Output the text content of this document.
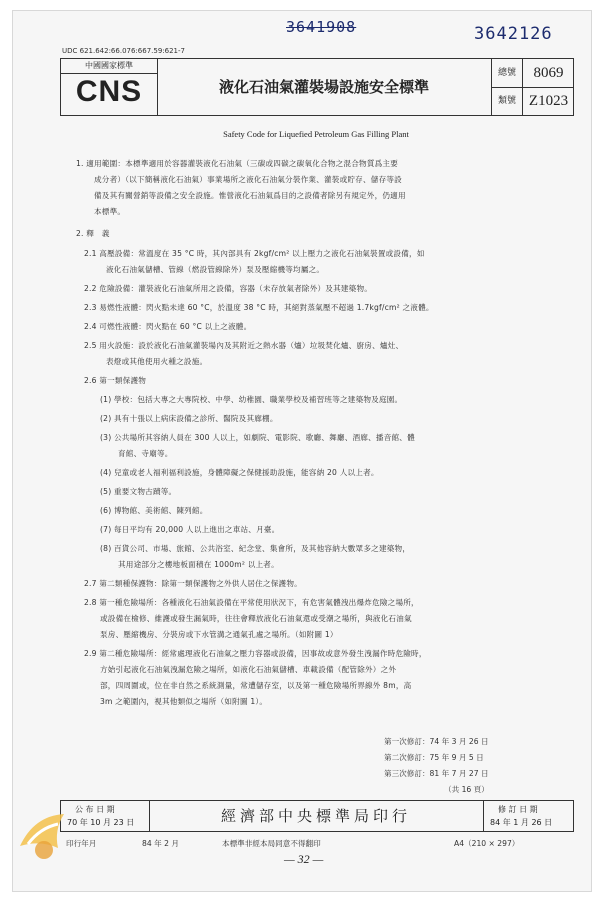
3641908	3642126
UDC 621.642:66.076:667.59:621-7
中國國家標準
CNS	液化石油氣灌裝場設施安全標準
總號	8069
類號 Z1023
Safety Code for Liquefied Petroleum Gas Filling Plant
1. 適用範圍：本標準適用於容器灌裝液化石油氣（三碳或四碳之碳氧化合物之混合物質爲主要
成分者）（以下簡稱液化石油氣）事業場所之液化石油氣分裝作業、灌裝或貯存、儲存等設
備及其有關營銷等設備之安全設施。惟營液化石油氣爲目的之設備者除另有規定外，仍適用
本標準。
2. 釋　義
2.1 高壓設備：常溫度在 35 °C 時，其內部具有 2kgf/cm² 以上壓力之液化石油氣裝置或設備，如
液化石油氣儲槽、管線（燃設管線除外）泵及壓縮機等均屬之。
2.2 危險設備：灌裝液化石油氣所用之設備，容器（未存放氣者除外）及其建築物。
2.3 易燃性液體：閃火點未達 60 °C，於溫度 38 °C 時，其絕對蒸氣壓不超過 1.7kgf/cm² 之液體。
2.4 可燃性液體：閃火點在 60 °C 以上之液體。
2.5 用火設施：設於液化石油氣灌裝場內及其附近之熱水器（爐）垃圾焚化爐、廚房、爐灶、
表燈或其他使用火種之設施。
2.6 第一類保護物
(1) 學校：包括大專之大專院校、中學、幼稚園、職業學校及補習班等之建築物及庭園。
(2) 具有十張以上病床設備之診所、醫院及其廊棚。
(3) 公共場所其容納人員在 300 人以上，如劇院、電影院、歌廳、舞廳、酒廊、播音館、體
育館、寺廟等。
(4) 兒童或老人福利福利設施，身體障礙之保健援助設施，能容納 20 人以上者。
(5) 重要文物古蹟等。
(6) 博物館、美術館、陳列館。
(7) 每日平均有 20,000 人以上進出之車站、月臺。
(8) 百貨公司、市場、旅館、公共浴室、紀念堂、集會所，及其他容納大數眾多之建築物，
其用途部分之樓地板面積在 1000m² 以上者。
2.7 第二類種保護物：除第一類保護物之外供人居住之保護物。
2.8 第一種危險場所：各種液化石油氣設備在平常使用狀況下，有危害氣體洩出爆炸危險之場所，
或設備在檢修、維護或發生漏氣時，往往會釋放液化石油氣還或受潮之場所，與液化石油氣
泵房、壓縮機房、分裝房或下水管溝之通氣孔處之場所。（如附圖 1）
2.9 第二種危險場所：經常處理液化石油氣之壓力容器或設備，因事故或意外發生洩漏作時危險時，
方始引起液化石油氣洩漏危險之場所，如液化石油氣儲槽、車載設備（配管除外）之外
部，四周圍或，位在非自然之系統測量，常遭儲存室，以及第一種危險場所界線外 8m，高
3m 之範圍內，視其他類似之場所（如附圖 1）。
第一次修訂：74 年 3 月 26 日
第二次修訂：75 年 9 月 5 日
第三次修訂：81 年 7 月 27 日
（共 16 頁）
公 布 日 期
70 年 10 月 23 日	經濟部中央標準局印行	修 訂 日 期
84 年 1 月 26 日
印行年月	84 年 2 月	本標準非經本局同意不得翻印	A4（210 × 297）
— 32 —
